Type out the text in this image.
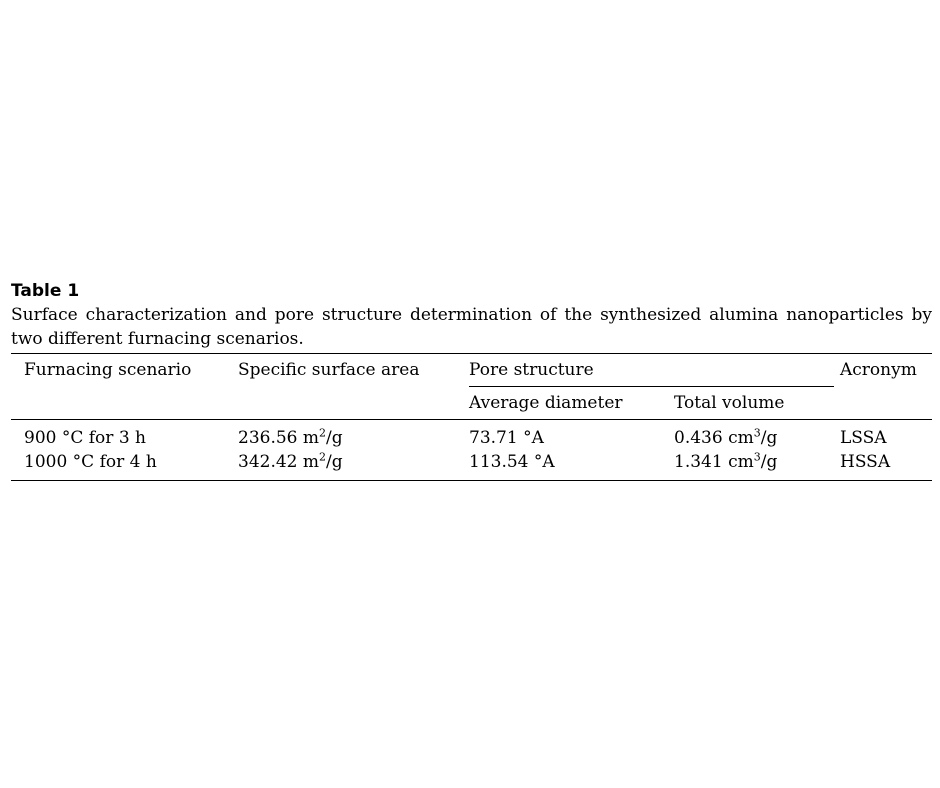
Table 1

Surface characterization and pore structure determination of the synthesized alumina nanoparticles by two different furnacing scenarios.

Furnacing scenario	Specific surface area	Pore structure		Acronym
		Average diameter	Total volume	
900 °C for 3 h	236.56 $m^2/g$	73.71 °A	0.436 $cm^3/g$	LSSA
1000 °C for 4 h	342.42 $m^2/g$	113.54 °A	1.341 $cm^3/g$	HSSA
